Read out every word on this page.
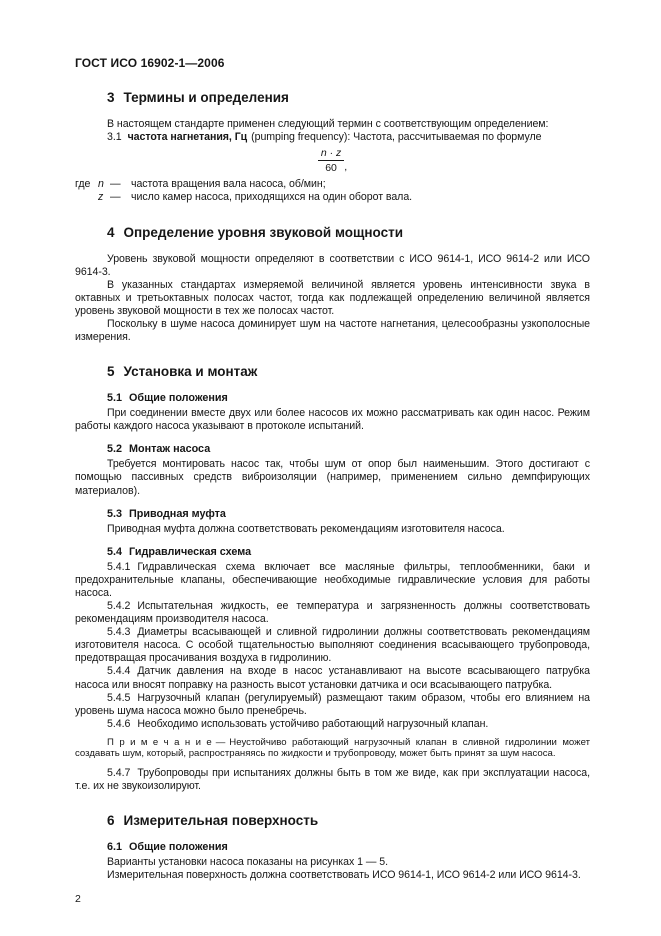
ГОСТ ИСО 16902-1—2006
3 Термины и определения

В настоящем стандарте применен следующий термин с соответствующим определением:

3.1 частота нагнетания, Гц (pumping frequency): Частота, рассчитываемая по формуле

$\frac{n \cdot z}{60}$ ,
где n — частота вращения вала насоса, об/мин;
z — число камер насоса, приходящихся на один оборот вала.
4 Определение уровня звуковой мощности

Уровень звуковой мощности определяют в соответствии с ИСО 9614-1, ИСО 9614-2 или ИСО 9614-3.

В указанных стандартах измеряемой величиной является уровень интенсивности звука в октавных и третьоктавных полосах частот, тогда как подлежащей определению величиной является уровень звуковой мощности в тех же полосах частот.

Поскольку в шуме насоса доминирует шум на частоте нагнетания, целесообразны узкополосные измерения.

5 Установка и монтаж
5.1 Общие положения

При соединении вместе двух или более насосов их можно рассматривать как один насос. Режим работы каждого насоса указывают в протоколе испытаний.

5.2 Монтаж насоса

Требуется монтировать насос так, чтобы шум от опор был наименьшим. Этого достигают с помощью пассивных средств виброизоляции (например, применением сильно демпфирующих материалов).

5.3 Приводная муфта

Приводная муфта должна соответствовать рекомендациям изготовителя насоса.

5.4 Гидравлическая схема

5.4.1 Гидравлическая схема включает все масляные фильтры, теплообменники, баки и предохранительные клапаны, обеспечивающие необходимые гидравлические условия для работы насоса.

5.4.2 Испытательная жидкость, ее температура и загрязненность должны соответствовать рекомендациям производителя насоса.

5.4.3 Диаметры всасывающей и сливной гидролинии должны соответствовать рекомендациям изготовителя насоса. С особой тщательностью выполняют соединения всасывающего трубопровода, предотвращая просачивания воздуха в гидролинию.

5.4.4 Датчик давления на входе в насос устанавливают на высоте всасывающего патрубка насоса или вносят поправку на разность высот установки датчика и оси всасывающего патрубка.

5.4.5 Нагрузочный клапан (регулируемый) размещают таким образом, чтобы его влиянием на уровень шума насоса можно было пренебречь.

5.4.6 Необходимо использовать устойчиво работающий нагрузочный клапан.

П р и м е ч а н и е — Неустойчиво работающий нагрузочный клапан в сливной гидролинии может создавать шум, который, распространяясь по жидкости и трубопроводу, может быть принят за шум насоса.

5.4.7 Трубопроводы при испытаниях должны быть в том же виде, как при эксплуатации насоса, т.е. их не звукоизолируют.

6 Измерительная поверхность
6.1 Общие положения

Варианты установки насоса показаны на рисунках 1 — 5.

Измерительная поверхность должна соответствовать ИСО 9614-1, ИСО 9614-2 или ИСО 9614-3.

2
